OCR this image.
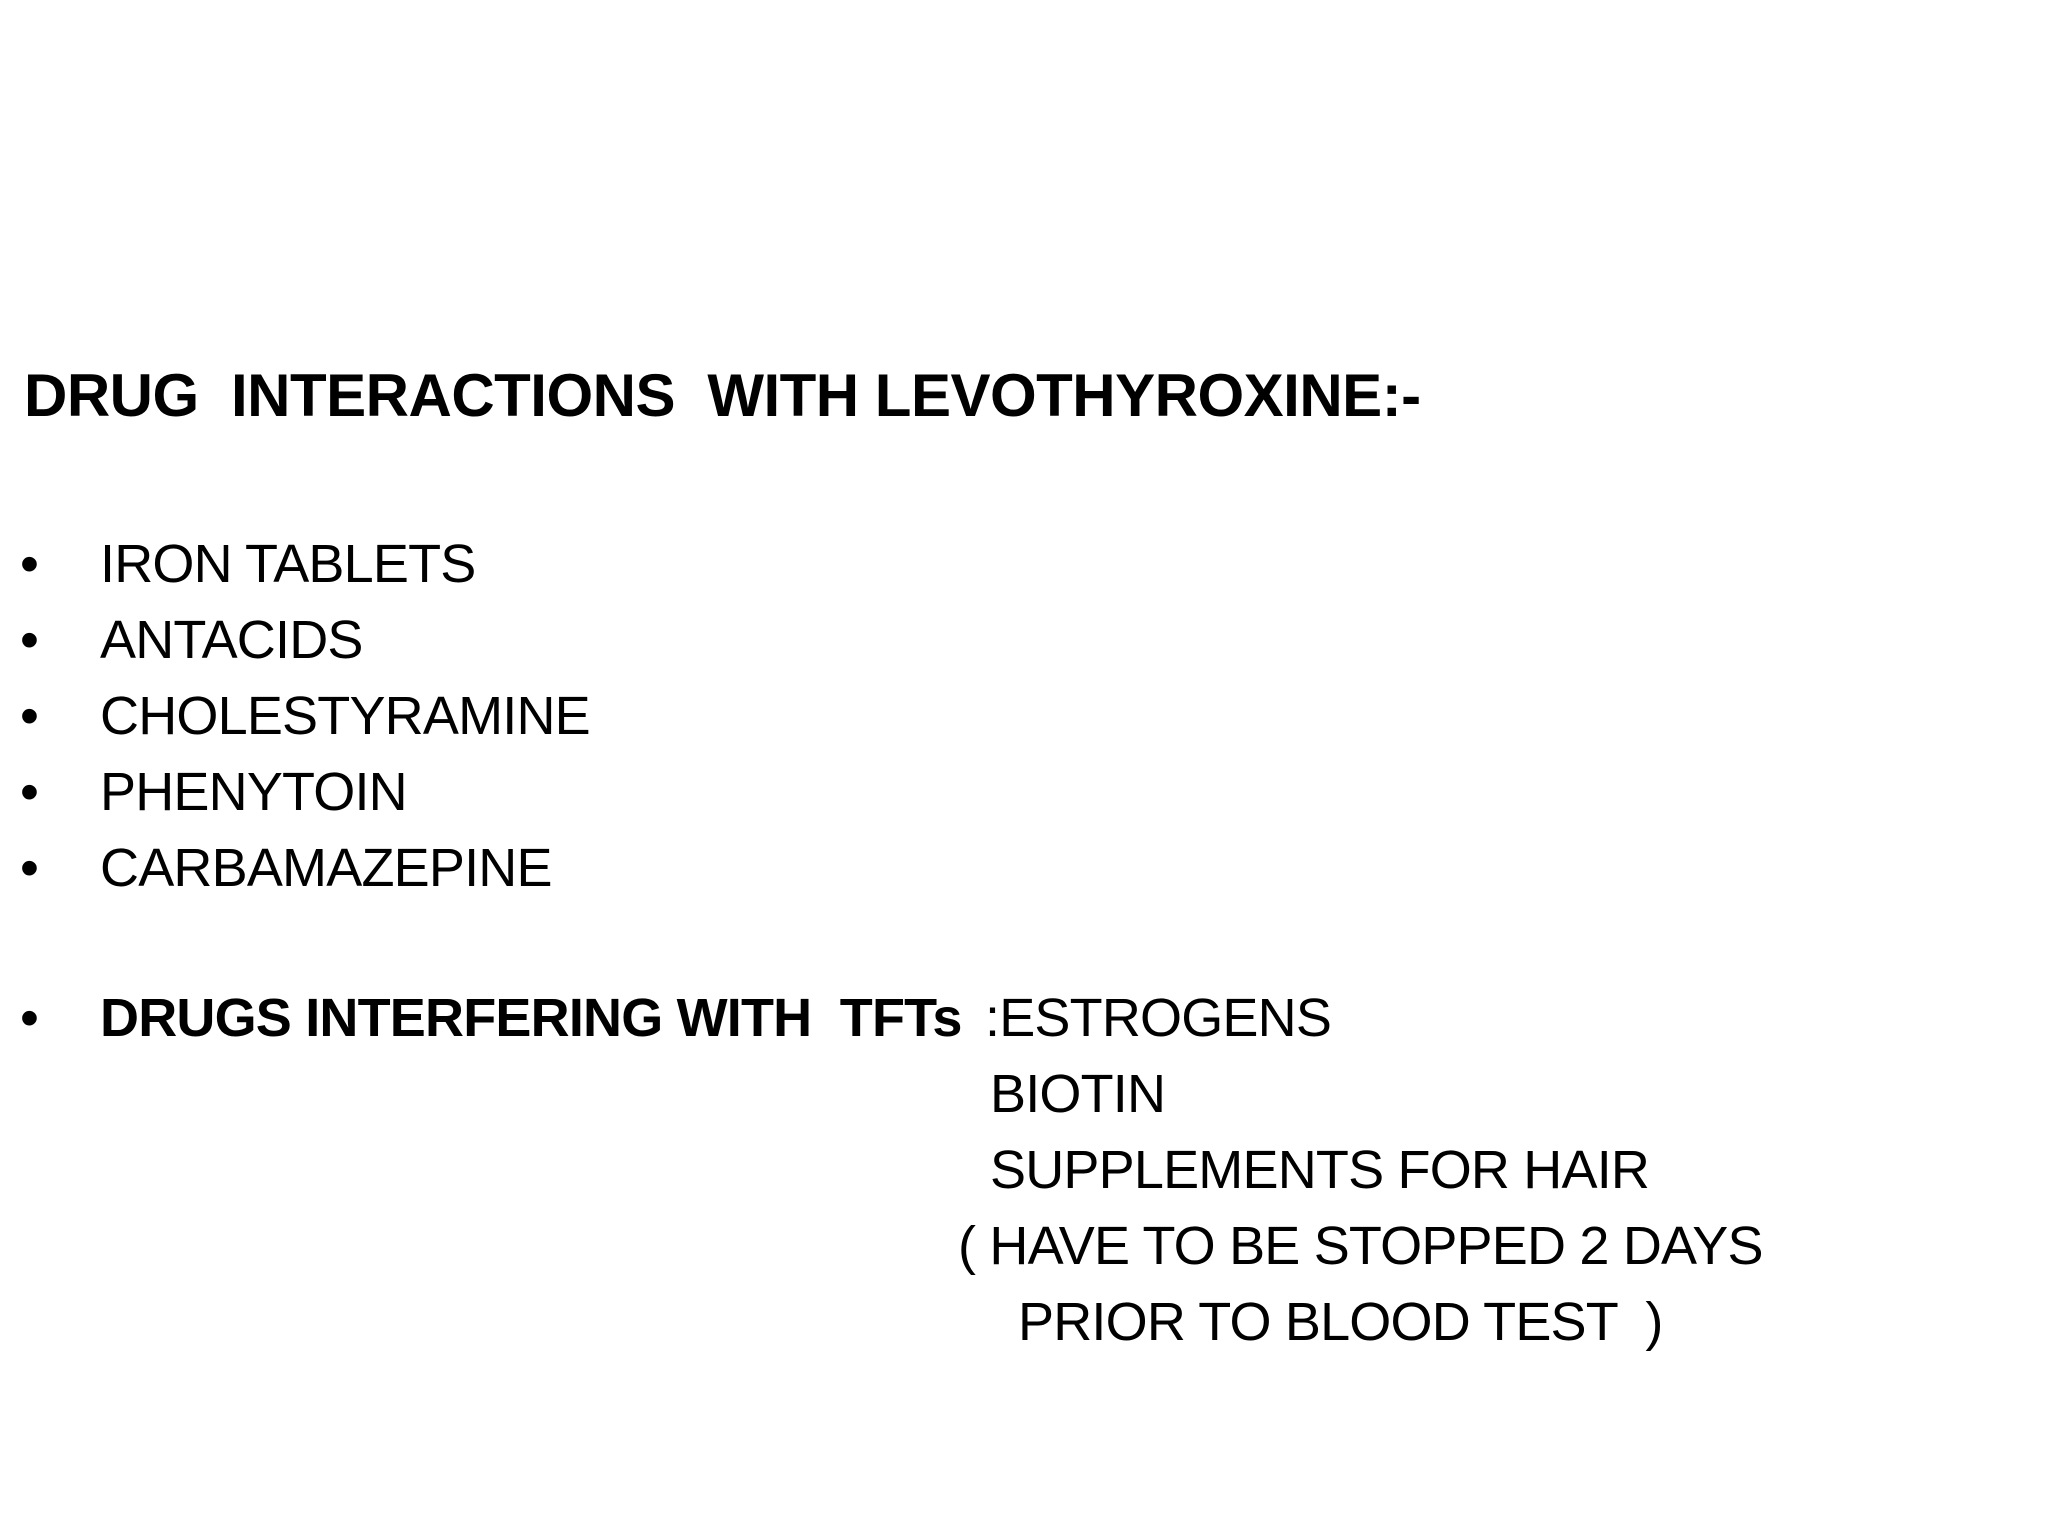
DRUG  INTERACTIONS  WITH LEVOTHYROXINE:-

•

	IRON TABLETS

•

	ANTACIDS

•

	CHOLESTYRAMINE

•

	PHENYTOIN

•

	CARBAMAZEPINE

•

DRUGS INTERFERING WITH  TFTs

:ESTROGENS
BIOTIN
SUPPLEMENTS FOR HAIR
( HAVE TO BE STOPPED 2 DAYS
PRIOR TO BLOOD TEST  )
